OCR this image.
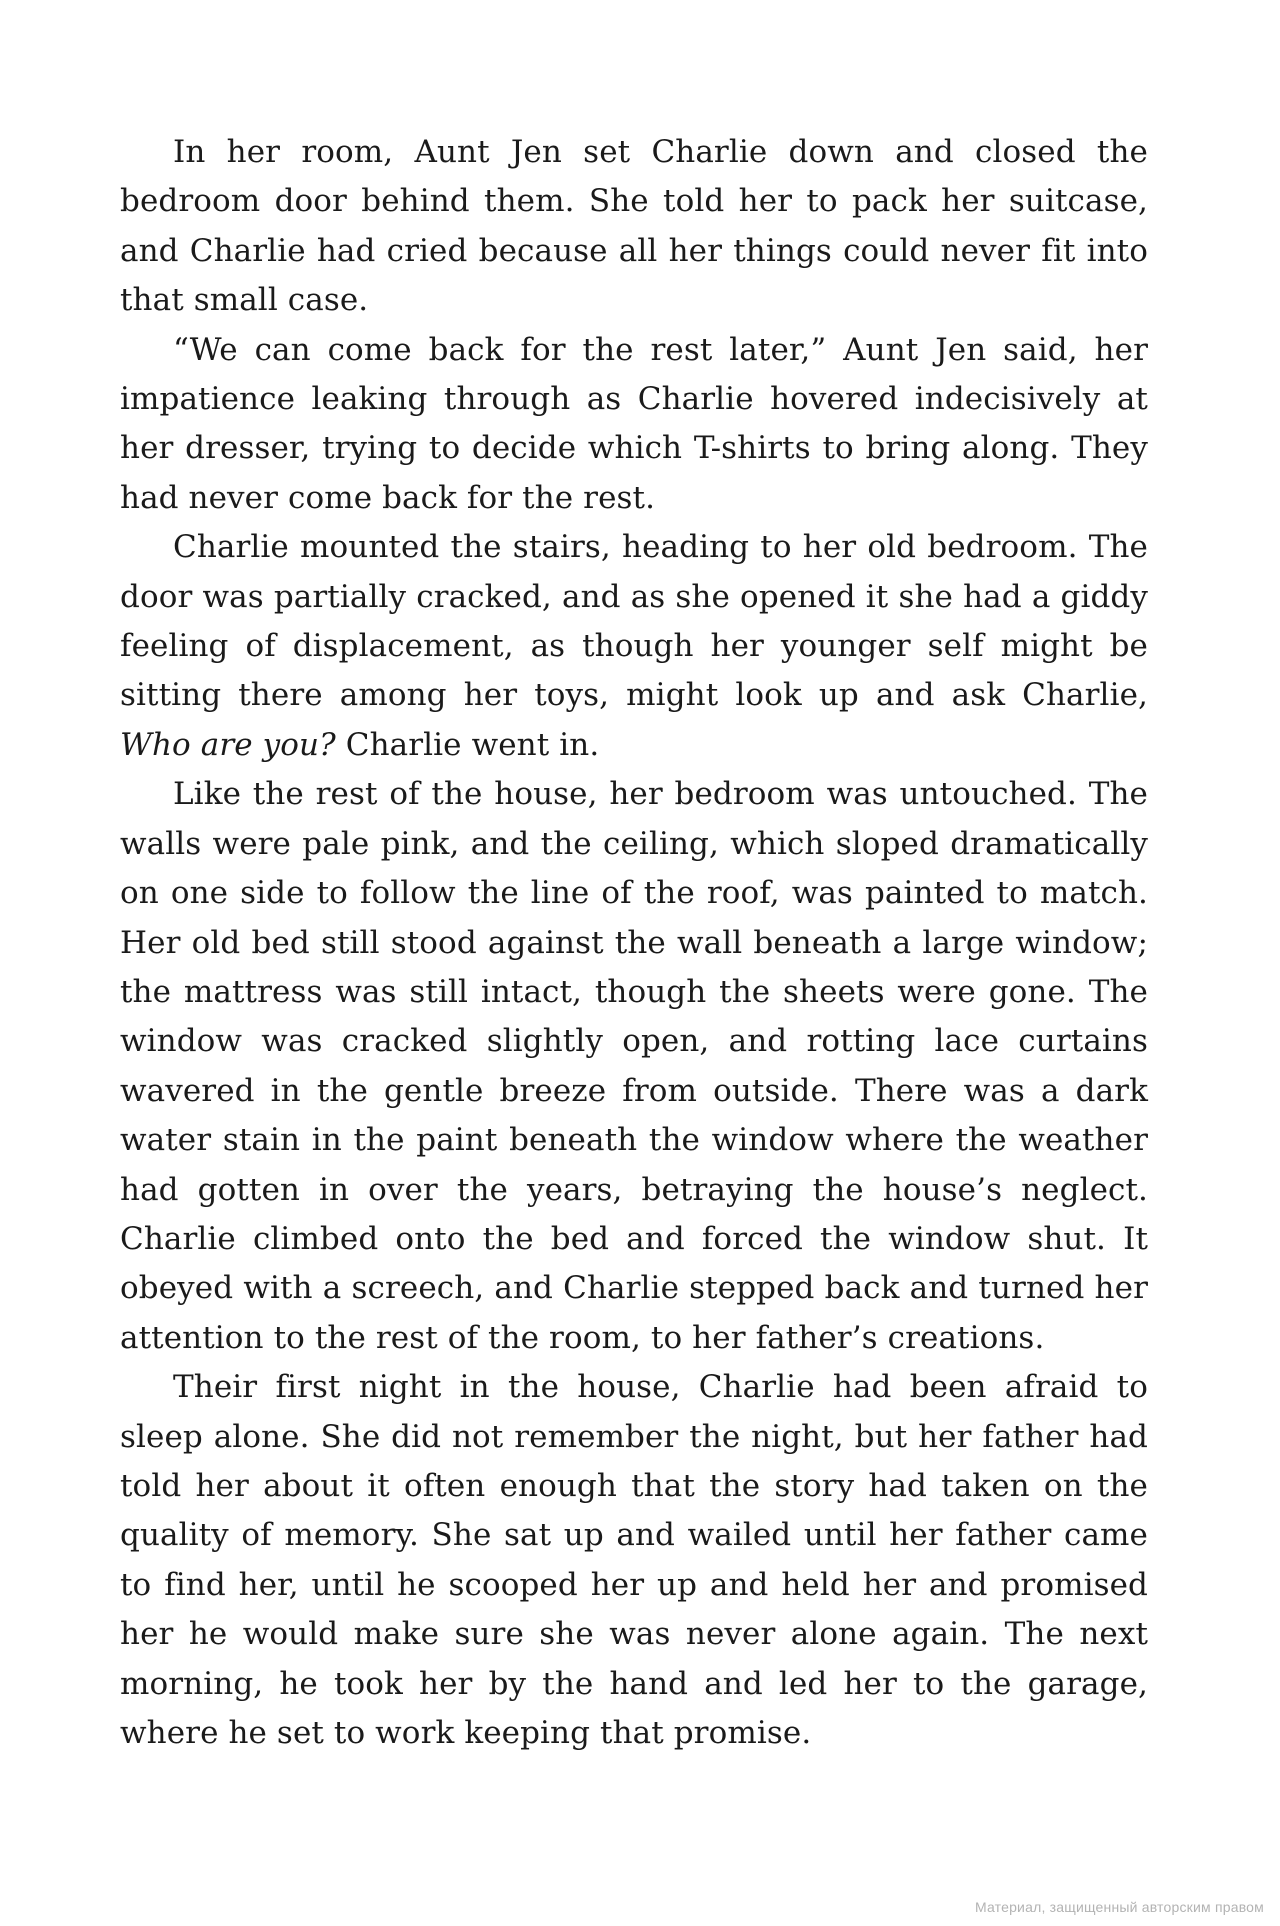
In her room, Aunt Jen set Charlie down and closed the bedroom door behind them. She told her to pack her suitcase, and Charlie had cried because all her things could never fit into that small case.

“We can come back for the rest later,” Aunt Jen said, her impatience leaking through as Charlie hovered indecisively at her dresser, trying to decide which T-shirts to bring along. They had never come back for the rest.

Charlie mounted the stairs, heading to her old bedroom. The door was partially cracked, and as she opened it she had a giddy feeling of displacement, as though her younger self might be sitting there among her toys, might look up and ask Charlie, Who are you? Charlie went in.

Like the rest of the house, her bedroom was untouched. The walls were pale pink, and the ceiling, which sloped dramatically on one side to follow the line of the roof, was painted to match. Her old bed still stood against the wall beneath a large window; the mattress was still intact, though the sheets were gone. The window was cracked slightly open, and rotting lace curtains wavered in the gentle breeze from outside. There was a dark water stain in the paint beneath the window where the weather had gotten in over the years, betraying the house’s neglect. Charlie climbed onto the bed and forced the window shut. It obeyed with a screech, and Charlie stepped back and turned her attention to the rest of the room, to her father’s creations.

Their first night in the house, Charlie had been afraid to sleep alone. She did not remember the night, but her father had told her about it often enough that the story had taken on the quality of memory. She sat up and wailed until her father came to find her, until he scooped her up and held her and promised her he would make sure she was never alone again. The next morning, he took her by the hand and led her to the garage, where he set to work keeping that promise.

Материал, защищенный авторским правом
